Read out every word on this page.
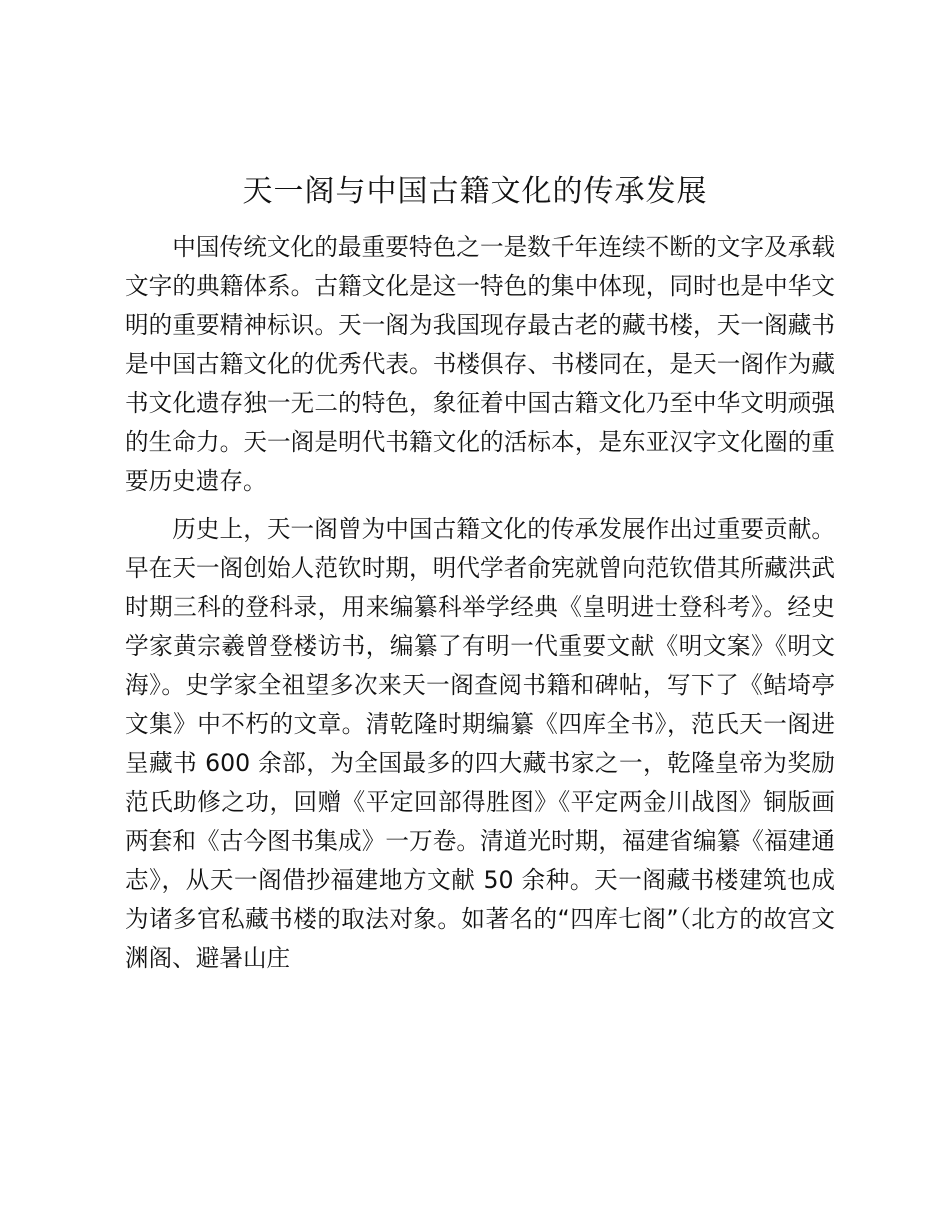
天一阁与中国古籍文化的传承发展

中国传统文化的最重要特色之一是数千年连续不断的文字及承载文字的典籍体系。古籍文化是这一特色的集中体现，同时也是中华文明的重要精神标识。天一阁为我国现存最古老的藏书楼，天一阁藏书是中国古籍文化的优秀代表。书楼俱存、书楼同在，是天一阁作为藏书文化遗存独一无二的特色，象征着中国古籍文化乃至中华文明顽强的生命力。天一阁是明代书籍文化的活标本，是东亚汉字文化圈的重要历史遗存。

历史上，天一阁曾为中国古籍文化的传承发展作出过重要贡献。早在天一阁创始人范钦时期，明代学者俞宪就曾向范钦借其所藏洪武时期三科的登科录，用来编纂科举学经典《皇明进士登科考》。经史学家黄宗羲曾登楼访书，编纂了有明一代重要文献《明文案》《明文海》。史学家全祖望多次来天一阁查阅书籍和碑帖，写下了《鲒埼亭文集》中不朽的文章。清乾隆时期编纂《四库全书》，范氏天一阁进呈藏书 600 余部，为全国最多的四大藏书家之一，乾隆皇帝为奖励范氏助修之功，回赠《平定回部得胜图》《平定两金川战图》铜版画两套和《古今图书集成》一万卷。清道光时期，福建省编纂《福建通志》，从天一阁借抄福建地方文献 50 余种。天一阁藏书楼建筑也成为诸多官私藏书楼的取法对象。如著名的“四库七阁”（北方的故宫文渊阁、避暑山庄
